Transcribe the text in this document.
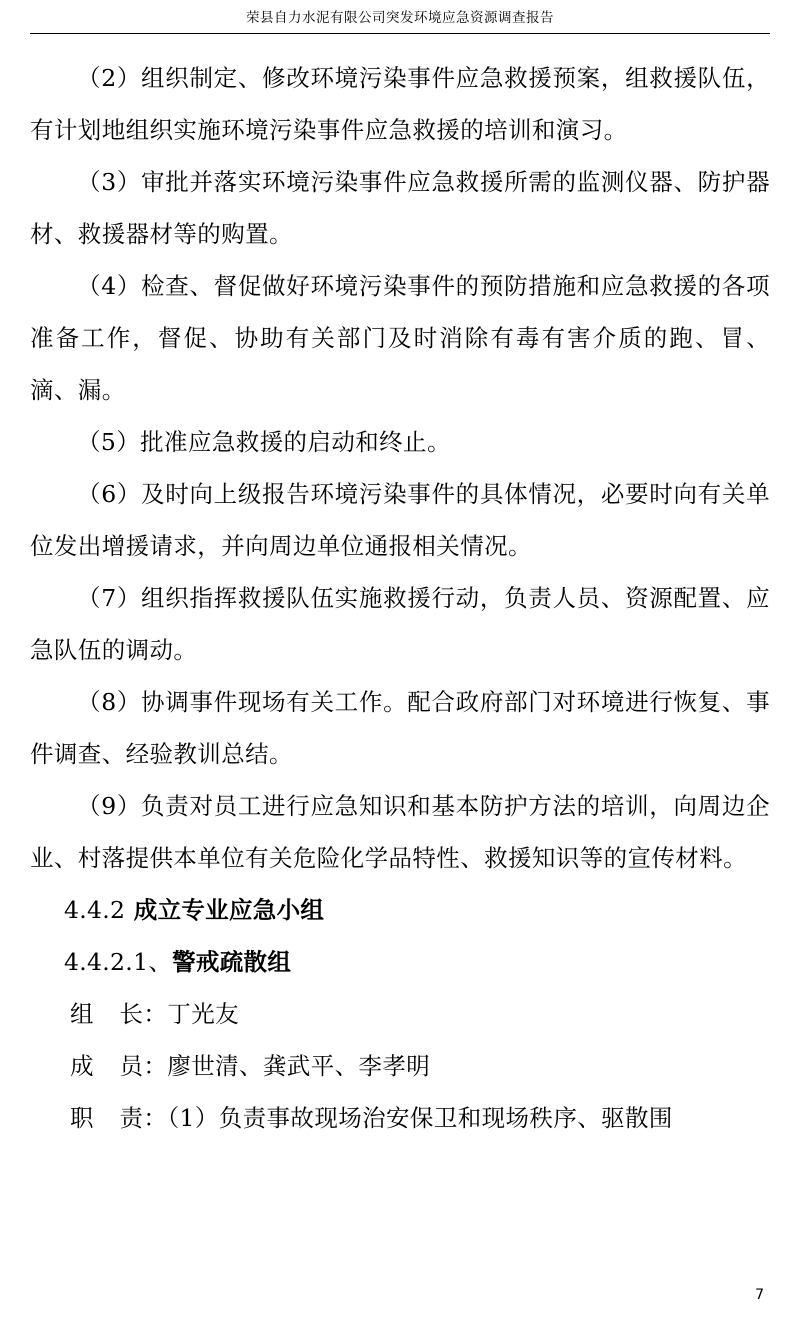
荣县自力水泥有限公司突发环境应急资源调查报告

（2）组织制定、修改环境污染事件应急救援预案，组救援队伍，有计划地组织实施环境污染事件应急救援的培训和演习。

（3）审批并落实环境污染事件应急救援所需的监测仪器、防护器材、救援器材等的购置。

（4）检查、督促做好环境污染事件的预防措施和应急救援的各项准备工作，督促、协助有关部门及时消除有毒有害介质的跑、冒、滴、漏。

（5）批准应急救援的启动和终止。

（6）及时向上级报告环境污染事件的具体情况，必要时向有关单位发出增援请求，并向周边单位通报相关情况。

（7）组织指挥救援队伍实施救援行动，负责人员、资源配置、应急队伍的调动。

（8）协调事件现场有关工作。配合政府部门对环境进行恢复、事件调查、经验教训总结。

（9）负责对员工进行应急知识和基本防护方法的培训，向周边企业、村落提供本单位有关危险化学品特性、救援知识等的宣传材料。

4.4.2 成立专业应急小组

4.4.2.1、警戒疏散组

组长：丁光友

成员：廖世清、龚武平、李孝明

职责：（1）负责事故现场治安保卫和现场秩序、驱散围

7
